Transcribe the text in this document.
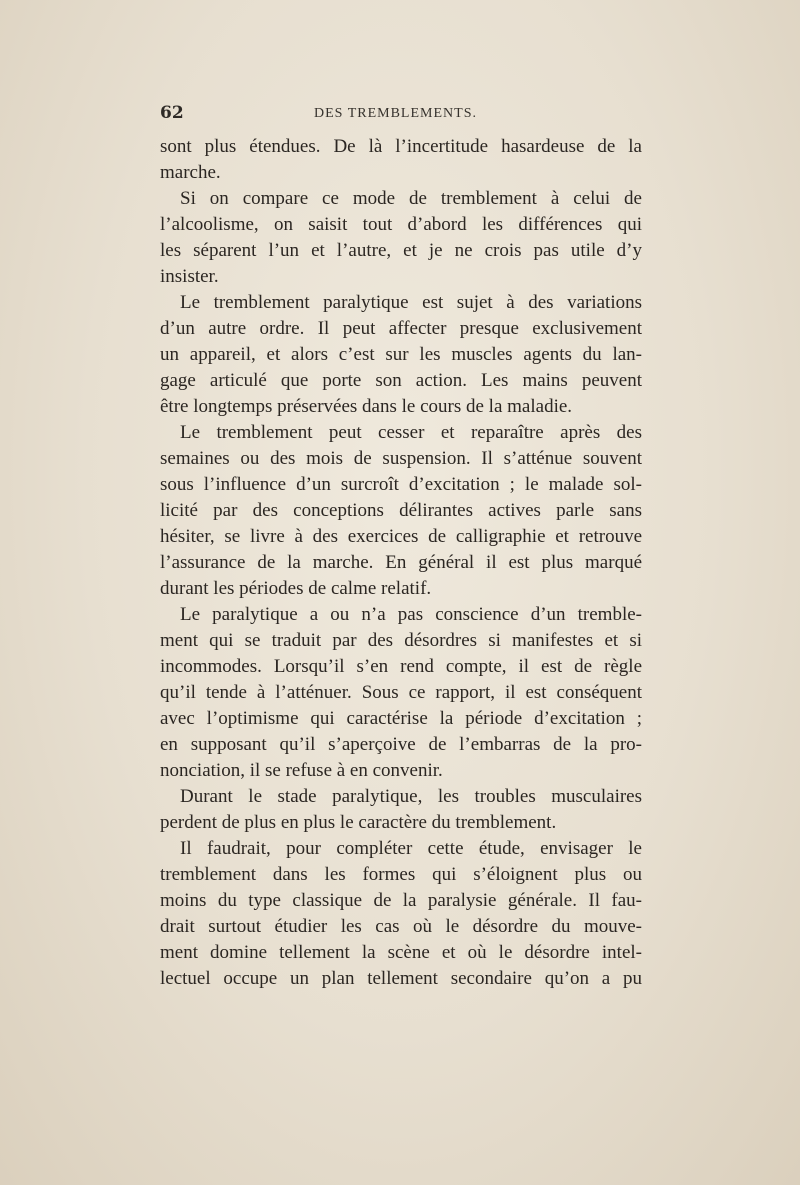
62	DES TREMBLEMENTS.
sont plus étendues. De là l’incertitude hasardeuse de la
marche.
Si on compare ce mode de tremblement à celui de
l’alcoolisme, on saisit tout d’abord les différences qui
les séparent l’un et l’autre, et je ne crois pas utile d’y
insister.
Le tremblement paralytique est sujet à des variations
d’un autre ordre. Il peut affecter presque exclusivement
un appareil, et alors c’est sur les muscles agents du lan-
gage articulé que porte son action. Les mains peuvent
être longtemps préservées dans le cours de la maladie.
Le tremblement peut cesser et reparaître après des
semaines ou des mois de suspension. Il s’atténue souvent
sous l’influence d’un surcroît d’excitation ; le malade sol-
licité par des conceptions délirantes actives parle sans
hésiter, se livre à des exercices de calligraphie et retrouve
l’assurance de la marche. En général il est plus marqué
durant les périodes de calme relatif.
Le paralytique a ou n’a pas conscience d’un tremble-
ment qui se traduit par des désordres si manifestes et si
incommodes. Lorsqu’il s’en rend compte, il est de règle
qu’il tende à l’atténuer. Sous ce rapport, il est conséquent
avec l’optimisme qui caractérise la période d’excitation ;
en supposant qu’il s’aperçoive de l’embarras de la pro-
nonciation, il se refuse à en convenir.
Durant le stade paralytique, les troubles musculaires
perdent de plus en plus le caractère du tremblement.
Il faudrait, pour compléter cette étude, envisager le
tremblement dans les formes qui s’éloignent plus ou
moins du type classique de la paralysie générale. Il fau-
drait surtout étudier les cas où le désordre du mouve-
ment domine tellement la scène et où le désordre intel-
lectuel occupe un plan tellement secondaire qu’on a pu
